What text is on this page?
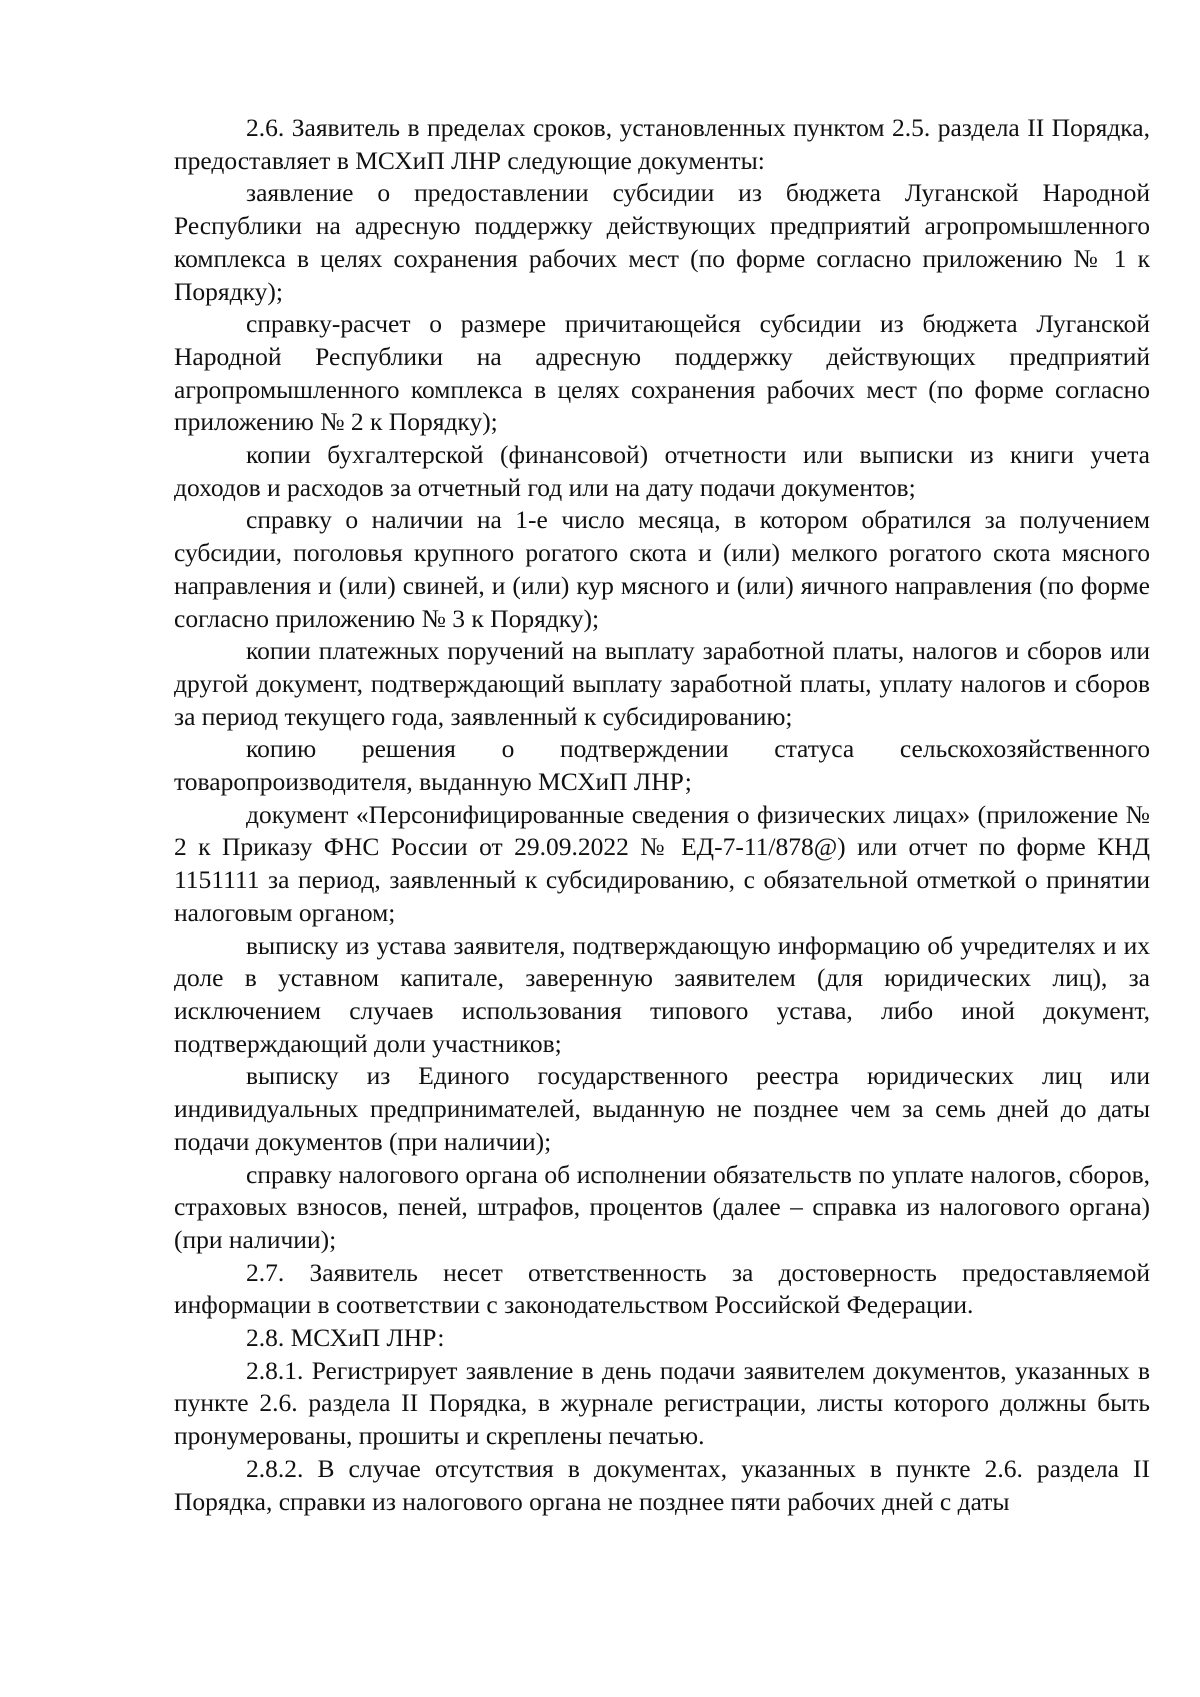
2.6. Заявитель в пределах сроков, установленных пунктом 2.5. раздела II Порядка, предоставляет в МСХиП ЛНР следующие документы:

заявление о предоставлении субсидии из бюджета Луганской Народной Республики на адресную поддержку действующих предприятий агропромышленного комплекса в целях сохранения рабочих мест (по форме согласно приложению № 1 к Порядку);

справку-расчет о размере причитающейся субсидии из бюджета Луганской Народной Республики на адресную поддержку действующих предприятий агропромышленного комплекса в целях сохранения рабочих мест (по форме согласно приложению № 2 к Порядку);

копии бухгалтерской (финансовой) отчетности или выписки из книги учета доходов и расходов за отчетный год или на дату подачи документов;

справку о наличии на 1-е число месяца, в котором обратился за получением субсидии, поголовья крупного рогатого скота и (или) мелкого рогатого скота мясного направления и (или) свиней, и (или) кур мясного и (или) яичного направления (по форме согласно приложению № 3 к Порядку);

копии платежных поручений на выплату заработной платы, налогов и сборов или другой документ, подтверждающий выплату заработной платы, уплату налогов и сборов за период текущего года, заявленный к субсидированию;

копию решения о подтверждении статуса сельскохозяйственного товаропроизводителя, выданную МСХиП ЛНР;

документ «Персонифицированные сведения о физических лицах» (приложение № 2 к Приказу ФНС России от 29.09.2022 № ЕД-7-11/878@) или отчет по форме КНД 1151111 за период, заявленный к субсидированию, с обязательной отметкой о принятии налоговым органом;

выписку из устава заявителя, подтверждающую информацию об учредителях и их доле в уставном капитале, заверенную заявителем (для юридических лиц), за исключением случаев использования типового устава, либо иной документ, подтверждающий доли участников;

выписку из Единого государственного реестра юридических лиц или индивидуальных предпринимателей, выданную не позднее чем за семь дней до даты подачи документов (при наличии);

справку налогового органа об исполнении обязательств по уплате налогов, сборов, страховых взносов, пеней, штрафов, процентов (далее – справка из налогового органа) (при наличии);

2.7. Заявитель несет ответственность за достоверность предоставляемой информации в соответствии с законодательством Российской Федерации.

2.8. МСХиП ЛНР:

2.8.1. Регистрирует заявление в день подачи заявителем документов, указанных в пункте 2.6. раздела II Порядка, в журнале регистрации, листы которого должны быть пронумерованы, прошиты и скреплены печатью.

2.8.2. В случае отсутствия в документах, указанных в пункте 2.6. раздела II Порядка, справки из налогового органа не позднее пяти рабочих дней с даты
